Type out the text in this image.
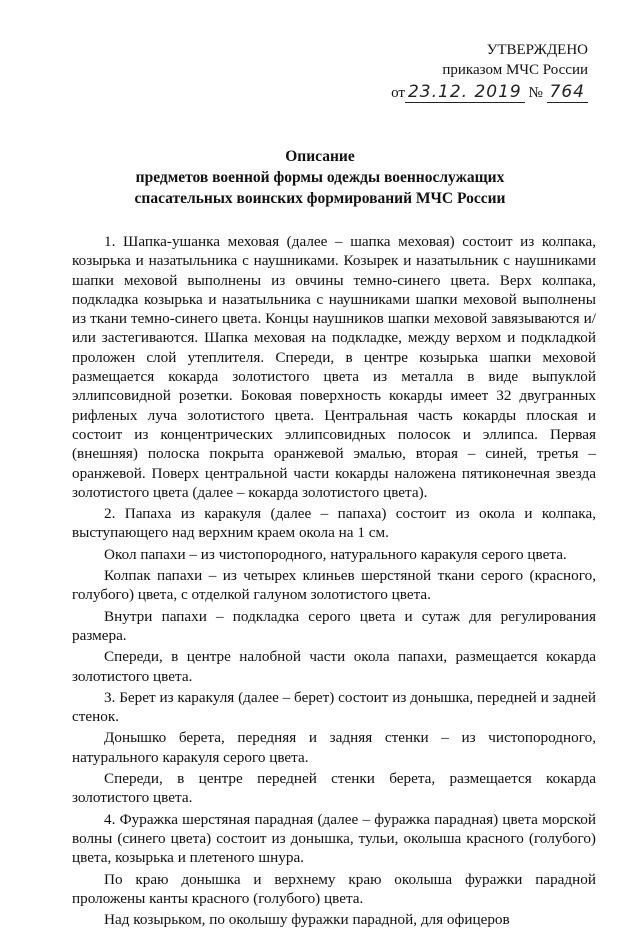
УТВЕРЖДЕНО
приказом МЧС России
от 23.12. 2019 № 764
Описание
предметов военной формы одежды военнослужащих
спасательных воинских формирований МЧС России

1. Шапка-ушанка меховая (далее – шапка меховая) состоит из колпака, козырька и назатыльника с наушниками. Козырек и назатыльник с наушниками шапки меховой выполнены из овчины темно-синего цвета. Верх колпака, подкладка козырька и назатыльника с наушниками шапки меховой выполнены из ткани темно-синего цвета. Концы наушников шапки меховой завязываются и/или застегиваются. Шапка меховая на подкладке, между верхом и подкладкой проложен слой утеплителя. Спереди, в центре козырька шапки меховой размещается кокарда золотистого цвета из металла в виде выпуклой эллипсовидной розетки. Боковая поверхность кокарды имеет 32 двугранных рифленых луча золотистого цвета. Центральная часть кокарды плоская и состоит из концентрических эллипсовидных полосок и эллипса. Первая (внешняя) полоска покрыта оранжевой эмалью, вторая – синей, третья – оранжевой. Поверх центральной части кокарды наложена пятиконечная звезда золотистого цвета (далее – кокарда золотистого цвета).

2. Папаха из каракуля (далее – папаха) состоит из окола и колпака, выступающего над верхним краем окола на 1 см.

Окол папахи – из чистопородного, натурального каракуля серого цвета.

Колпак папахи – из четырех клиньев шерстяной ткани серого (красного, голубого) цвета, с отделкой галуном золотистого цвета.

Внутри папахи – подкладка серого цвета и сутаж для регулирования размера.

Спереди, в центре налобной части окола папахи, размещается кокарда золотистого цвета.

3. Берет из каракуля (далее – берет) состоит из донышка, передней и задней стенок.

Донышко берета, передняя и задняя стенки – из чистопородного, натурального каракуля серого цвета.

Спереди, в центре передней стенки берета, размещается кокарда золотистого цвета.

4. Фуражка шерстяная парадная (далее – фуражка парадная) цвета морской волны (синего цвета) состоит из донышка, тульи, околыша красного (голубого) цвета, козырька и плетеного шнура.

По краю донышка и верхнему краю околыша фуражки парадной проложены канты красного (голубого) цвета.

Над козырьком, по околышу фуражки парадной, для офицеров
